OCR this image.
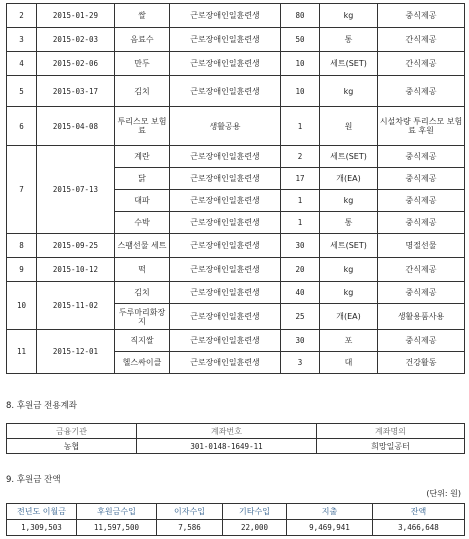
2	2015-01-29	쌀	근로장애인일휸련생	80	kg	중식제공
3	2015-02-03	음료수	근로장애인일휸련생	50	통	간식제공
4	2015-02-06	만두	근로장애인일휸련생	10	세트(SET)	간식제공
5	2015-03-17	김치	근로장애인일휸련생	10	kg	중식제공
6	2015-04-08	투리스모 보험료	생활공용	1	원	시설차량 투리스모 보험료 후원
7	2015-07-13	계란	근로장애인일휸련생	2	세트(SET)	중식제공
		닭	근로장애인일휸련생	17	개(EA)	중식제공
		대파	근로장애인일휸련생	1	kg	중식제공
		수박	근로장애인일휸련생	1	통	중식제공
8	2015-09-25	스팸선물 세트	근로장애인일휸련생	30	세트(SET)	명절선물
9	2015-10-12	떡	근로장애인일휸련생	20	kg	간식제공
10	2015-11-02	김치	근로장애인일휸련생	40	kg	중식제공
		두루마리화장지	근로장애인일휸련생	25	개(EA)	생활용품사용
11	2015-12-01	직지쌀	근로장애인일휸련생	30	포	중식제공
		헬스싸이클	근로장애인일휸련생	3	대	건강활동
8. 후원금 전용계좌
금융기관	계좌번호	계좌명의
농협	301-0148-1649-11	희망일공터
9. 후원금 잔액
(단위: 원)
전년도 이월금	후원금수입	이자수입	기타수입	지출	잔액
1,309,503	11,597,500	7,586	22,000	9,469,941	3,466,648
